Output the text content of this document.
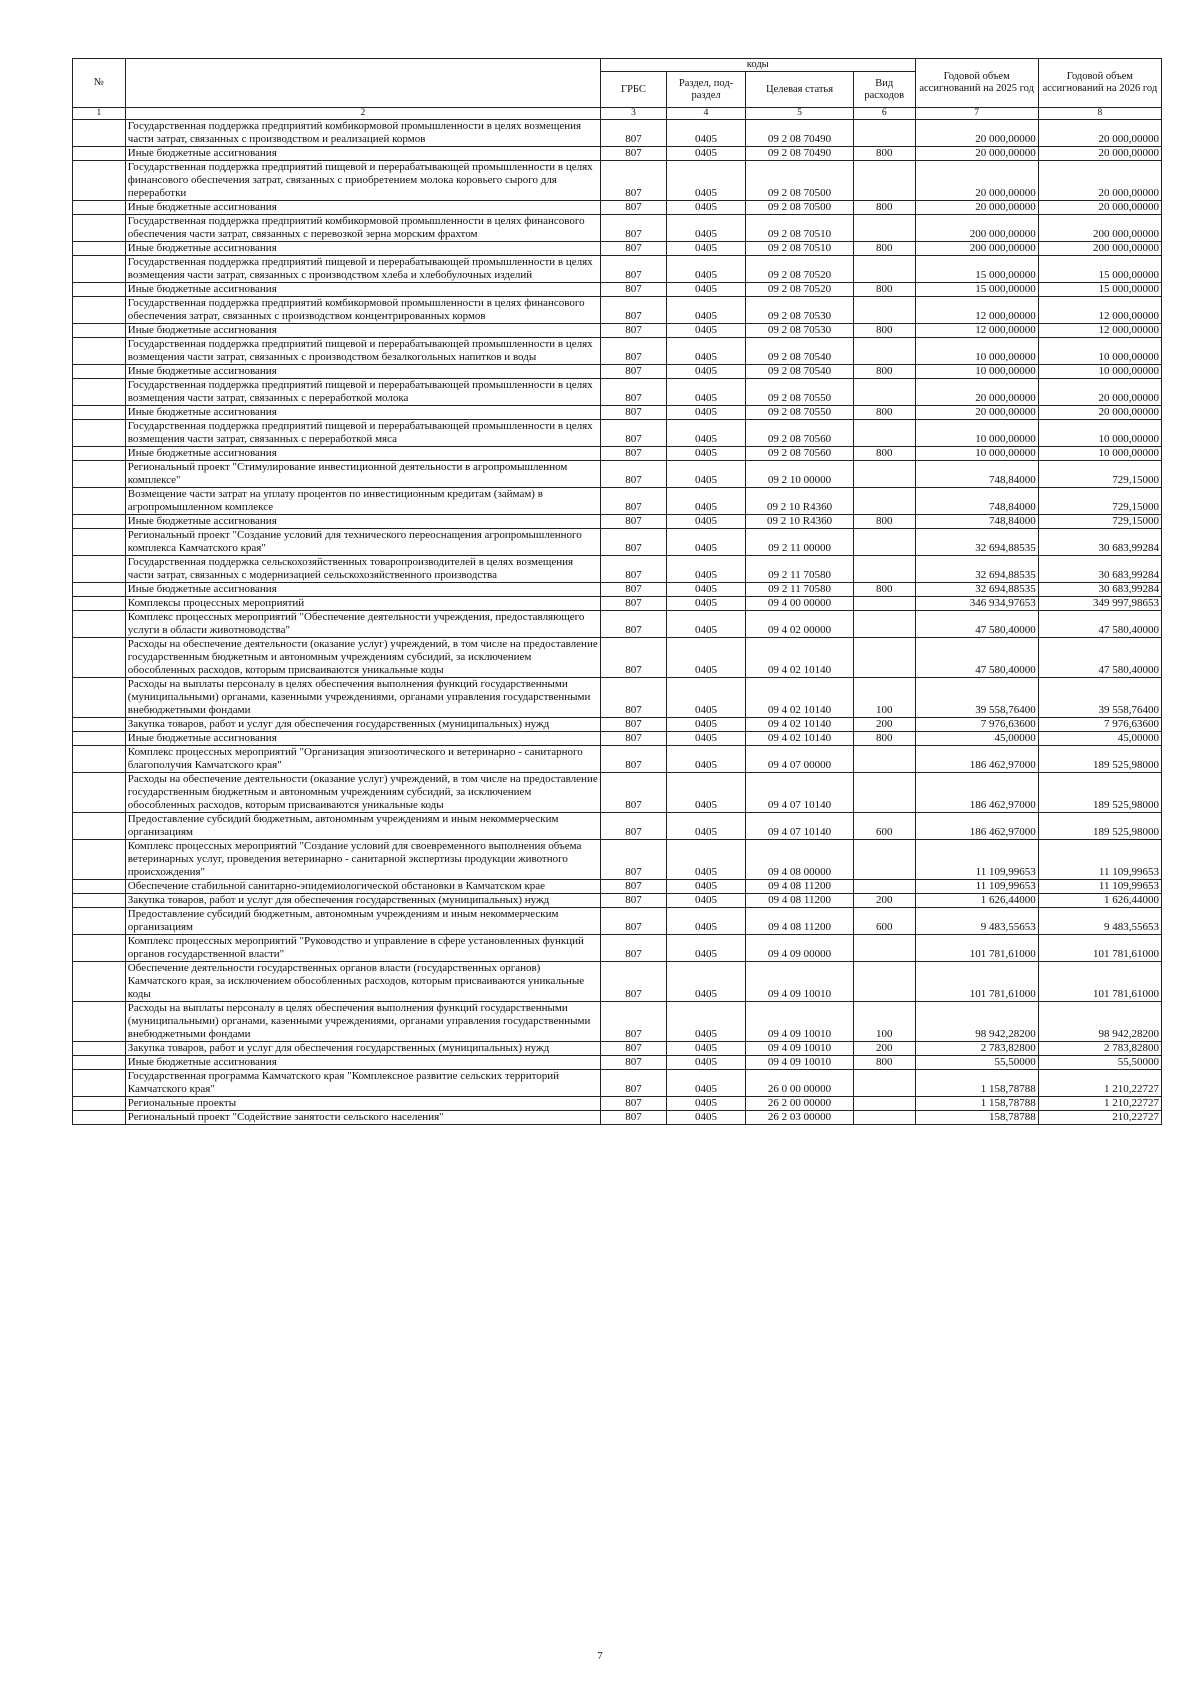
№		коды				Годовой объем ассигнований на 2025 год	Годовой объем ассигнований на 2026 год
		ГРБС	Раздел, под-раздел	Целевая статья	Вид расходов		
1	2	3	4	5	6	7	8
	Государственная поддержка предприятий комбикормовой промышленности в целях возмещения части затрат, связанных с производством и реализацией кормов	807	0405	09 2 08 70490		20 000,00000	20 000,00000
	Иные бюджетные ассигнования	807	0405	09 2 08 70490	800	20 000,00000	20 000,00000
	Государственная поддержка предприятий пищевой и перерабатывающей промышленности в целях финансового обеспечения затрат, связанных с приобретением молока коровьего сырого для переработки	807	0405	09 2 08 70500		20 000,00000	20 000,00000
	Иные бюджетные ассигнования	807	0405	09 2 08 70500	800	20 000,00000	20 000,00000
	Государственная поддержка предприятий комбикормовой промышленности в целях финансового обеспечения части затрат, связанных с перевозкой зерна морским фрахтом	807	0405	09 2 08 70510		200 000,00000	200 000,00000
	Иные бюджетные ассигнования	807	0405	09 2 08 70510	800	200 000,00000	200 000,00000
	Государственная поддержка предприятий пищевой и перерабатывающей промышленности в целях возмещения части затрат, связанных с производством хлеба и хлебобулочных изделий	807	0405	09 2 08 70520		15 000,00000	15 000,00000
	Иные бюджетные ассигнования	807	0405	09 2 08 70520	800	15 000,00000	15 000,00000
	Государственная поддержка предприятий комбикормовой промышленности в целях финансового обеспечения затрат, связанных с производством концентрированных кормов	807	0405	09 2 08 70530		12 000,00000	12 000,00000
	Иные бюджетные ассигнования	807	0405	09 2 08 70530	800	12 000,00000	12 000,00000
	Государственная поддержка предприятий пищевой и перерабатывающей промышленности в целях возмещения части затрат, связанных с производством безалкогольных напитков и воды	807	0405	09 2 08 70540		10 000,00000	10 000,00000
	Иные бюджетные ассигнования	807	0405	09 2 08 70540	800	10 000,00000	10 000,00000
	Государственная поддержка предприятий пищевой и перерабатывающей промышленности в целях возмещения части затрат, связанных с переработкой молока	807	0405	09 2 08 70550		20 000,00000	20 000,00000
	Иные бюджетные ассигнования	807	0405	09 2 08 70550	800	20 000,00000	20 000,00000
	Государственная поддержка предприятий пищевой и перерабатывающей промышленности в целях возмещения части затрат, связанных с переработкой мяса	807	0405	09 2 08 70560		10 000,00000	10 000,00000
	Иные бюджетные ассигнования	807	0405	09 2 08 70560	800	10 000,00000	10 000,00000
	Региональный проект "Стимулирование инвестиционной деятельности в агропромышленном комплексе"	807	0405	09 2 10 00000		748,84000	729,15000
	Возмещение части затрат на уплату процентов по инвестиционным кредитам (займам) в агропромышленном комплексе	807	0405	09 2 10 R4360		748,84000	729,15000
	Иные бюджетные ассигнования	807	0405	09 2 10 R4360	800	748,84000	729,15000
	Региональный проект "Создание условий для технического переоснащения агропромышленного комплекса Камчатского края"	807	0405	09 2 11 00000		32 694,88535	30 683,99284
	Государственная поддержка сельскохозяйственных товаропроизводителей в целях возмещения части затрат, связанных с модернизацией сельскохозяйственного производства	807	0405	09 2 11 70580		32 694,88535	30 683,99284
	Иные бюджетные ассигнования	807	0405	09 2 11 70580	800	32 694,88535	30 683,99284
	Комплексы процессных мероприятий	807	0405	09 4 00 00000		346 934,97653	349 997,98653
	Комплекс процессных мероприятий "Обеспечение деятельности учреждения, предоставляющего услуги в области животноводства"	807	0405	09 4 02 00000		47 580,40000	47 580,40000
	Расходы на обеспечение деятельности (оказание услуг) учреждений, в том числе на предоставление государственным бюджетным и автономным учреждениям субсидий, за исключением обособленных расходов, которым присваиваются уникальные коды	807	0405	09 4 02 10140		47 580,40000	47 580,40000
	Расходы на выплаты персоналу в целях обеспечения выполнения функций государственными (муниципальными) органами, казенными учреждениями, органами управления государственными внебюджетными фондами	807	0405	09 4 02 10140	100	39 558,76400	39 558,76400
	Закупка товаров, работ и услуг для обеспечения государственных (муниципальных) нужд	807	0405	09 4 02 10140	200	7 976,63600	7 976,63600
	Иные бюджетные ассигнования	807	0405	09 4 02 10140	800	45,00000	45,00000
	Комплекс процессных мероприятий "Организация эпизоотического и ветеринарно - санитарного благополучия Камчатского края"	807	0405	09 4 07 00000		186 462,97000	189 525,98000
	Расходы на обеспечение деятельности (оказание услуг) учреждений, в том числе на предоставление государственным бюджетным и автономным учреждениям субсидий, за исключением обособленных расходов, которым присваиваются уникальные коды	807	0405	09 4 07 10140		186 462,97000	189 525,98000
	Предоставление субсидий бюджетным, автономным учреждениям и иным некоммерческим организациям	807	0405	09 4 07 10140	600	186 462,97000	189 525,98000
	Комплекс процессных мероприятий "Создание условий для своевременного выполнения объема ветеринарных услуг, проведения ветеринарно - санитарной экспертизы продукции животного происхождения"	807	0405	09 4 08 00000		11 109,99653	11 109,99653
	Обеспечение стабильной санитарно-эпидемиологической обстановки в Камчатском крае	807	0405	09 4 08 11200		11 109,99653	11 109,99653
	Закупка товаров, работ и услуг для обеспечения государственных (муниципальных) нужд	807	0405	09 4 08 11200	200	1 626,44000	1 626,44000
	Предоставление субсидий бюджетным, автономным учреждениям и иным некоммерческим организациям	807	0405	09 4 08 11200	600	9 483,55653	9 483,55653
	Комплекс процессных мероприятий "Руководство и управление в сфере установленных функций органов государственной власти"	807	0405	09 4 09 00000		101 781,61000	101 781,61000
	Обеспечение деятельности государственных органов власти (государственных органов) Камчатского края, за исключением обособленных расходов, которым присваиваются уникальные коды	807	0405	09 4 09 10010		101 781,61000	101 781,61000
	Расходы на выплаты персоналу в целях обеспечения выполнения функций государственными (муниципальными) органами, казенными учреждениями, органами управления государственными внебюджетными фондами	807	0405	09 4 09 10010	100	98 942,28200	98 942,28200
	Закупка товаров, работ и услуг для обеспечения государственных (муниципальных) нужд	807	0405	09 4 09 10010	200	2 783,82800	2 783,82800
	Иные бюджетные ассигнования	807	0405	09 4 09 10010	800	55,50000	55,50000
	Государственная программа Камчатского края "Комплексное развитие сельских территорий Камчатского края"	807	0405	26 0 00 00000		1 158,78788	1 210,22727
	Региональные проекты	807	0405	26 2 00 00000		1 158,78788	1 210,22727
	Региональный проект "Содействие занятости сельского населения"	807	0405	26 2 03 00000		158,78788	210,22727
7
